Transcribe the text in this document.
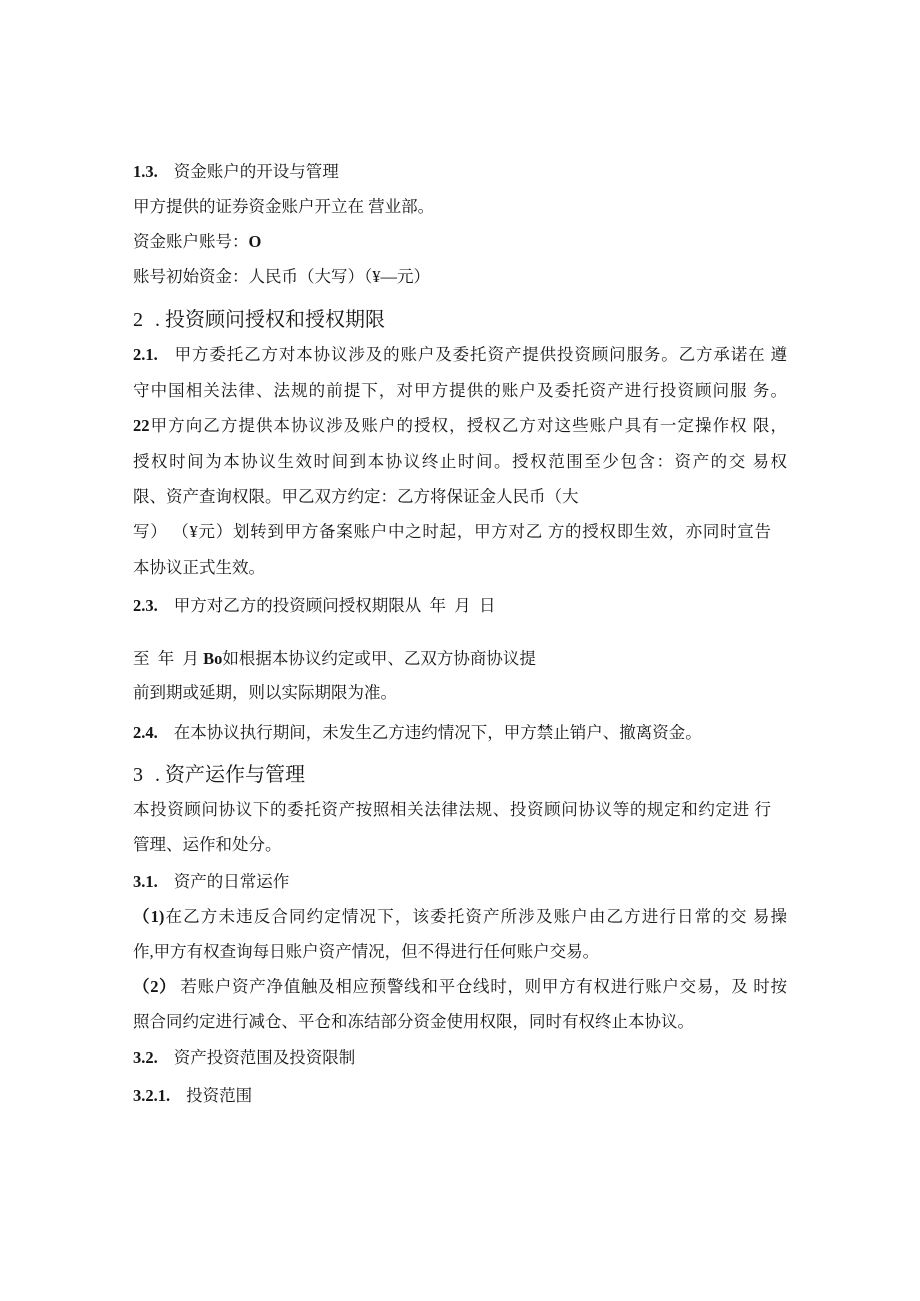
1.3. 资金账户的开设与管理
甲方提供的证券资金账户开立在 营业部。
资金账户账号：O
账号初始资金：人民币（大写）（¥—元）
2 . 投资顾问授权和授权期限
2.1. 甲方委托乙方对本协议涉及的账户及委托资产提供投资顾问服务。乙方承诺在 遵
守中国相关法律、法规的前提下，对甲方提供的账户及委托资产进行投资顾问服 务。
22甲方向乙方提供本协议涉及账户的授权，授权乙方对这些账户具有一定操作权 限，
授权时间为本协议生效时间到本协议终止时间。授权范围至少包含：资产的交 易权
限、资产查询权限。甲乙双方约定：乙方将保证金人民币（大
写） （¥元）划转到甲方备案账户中之时起，甲方对乙 方的授权即生效，亦同时宣告
本协议正式生效。
2.3. 甲方对乙方的投资顾问授权期限从  年  月  日
至  年  月 Bo如根据本协议约定或甲、乙双方协商协议提
前到期或延期，则以实际期限为准。
2.4. 在本协议执行期间，未发生乙方违约情况下，甲方禁止销户、撤离资金。
3 . 资产运作与管理
本投资顾问协议下的委托资产按照相关法律法规、投资顾问协议等的规定和约定进 行
管理、运作和处分。
3.1. 资产的日常运作
（1)在乙方未违反合同约定情况下，该委托资产所涉及账户由乙方进行日常的交 易操
作,甲方有权查询每日账户资产情况，但不得进行任何账户交易。
（2） 若账户资产净值触及相应预警线和平仓线时，则甲方有权进行账户交易，及 时按
照合同约定进行减仓、平仓和冻结部分资金使用权限，同时有权终止本协议。
3.2. 资产投资范围及投资限制
3.2.1. 投资范围
